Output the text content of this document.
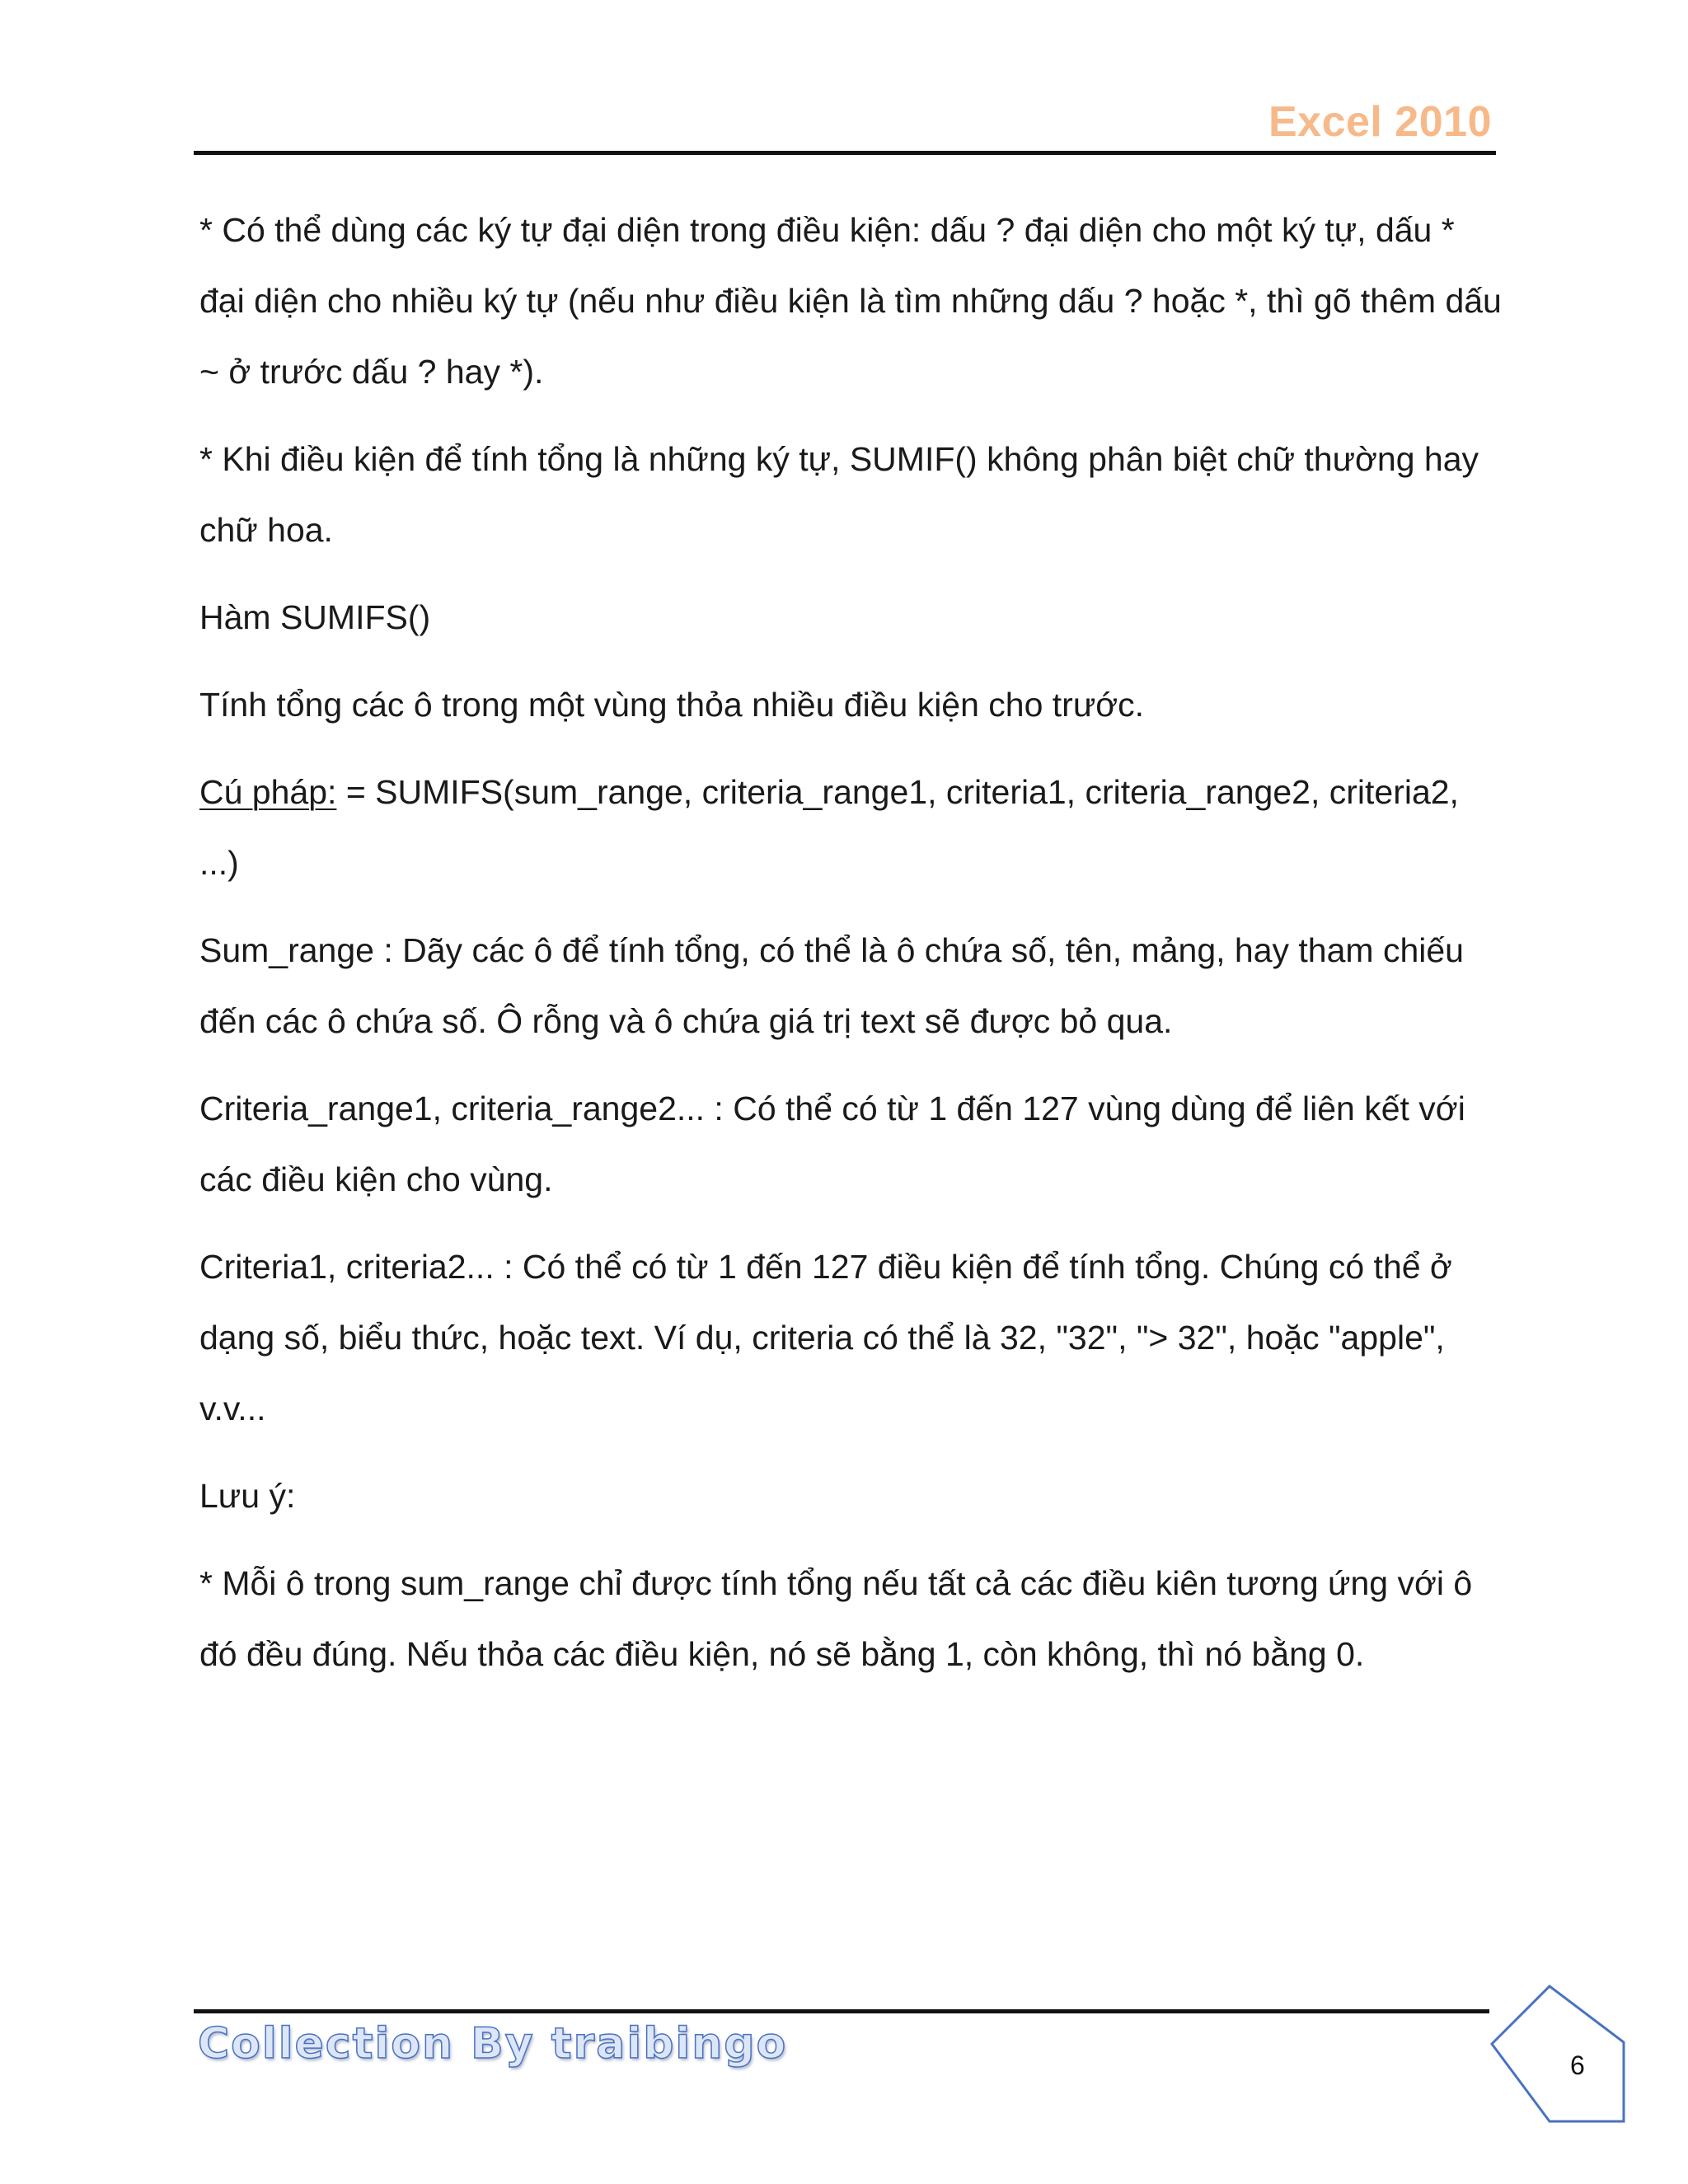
Excel 2010

* Có thể dùng các ký tự đại diện trong điều kiện: dấu ? đại diện cho một ký tự, dấu * đại diện cho nhiều ký tự (nếu như điều kiện là tìm những dấu ? hoặc *, thì gõ thêm dấu ~ ở trước dấu ? hay *).

* Khi điều kiện để tính tổng là những ký tự, SUMIF() không phân biệt chữ thường hay chữ hoa.

Hàm SUMIFS()

Tính tổng các ô trong một vùng thỏa nhiều điều kiện cho trước.

Cú pháp: = SUMIFS(sum_range, criteria_range1, criteria1, criteria_range2, criteria2, ...)

Sum_range : Dãy các ô để tính tổng, có thể là ô chứa số, tên, mảng, hay tham chiếu đến các ô chứa số. Ô rỗng và ô chứa giá trị text sẽ được bỏ qua.

Criteria_range1, criteria_range2... : Có thể có từ 1 đến 127 vùng dùng để liên kết với các điều kiện cho vùng.

Criteria1, criteria2... : Có thể có từ 1 đến 127 điều kiện để tính tổng. Chúng có thể ở dạng số, biểu thức, hoặc text. Ví dụ, criteria có thể là 32, "32", "> 32", hoặc "apple", v.v...

Lưu ý:

* Mỗi ô trong sum_range chỉ được tính tổng nếu tất cả các điều kiên tương ứng với ô đó đều đúng. Nếu thỏa các điều kiện, nó sẽ bằng 1, còn không, thì nó bằng 0.

Collection By traibingo	6
